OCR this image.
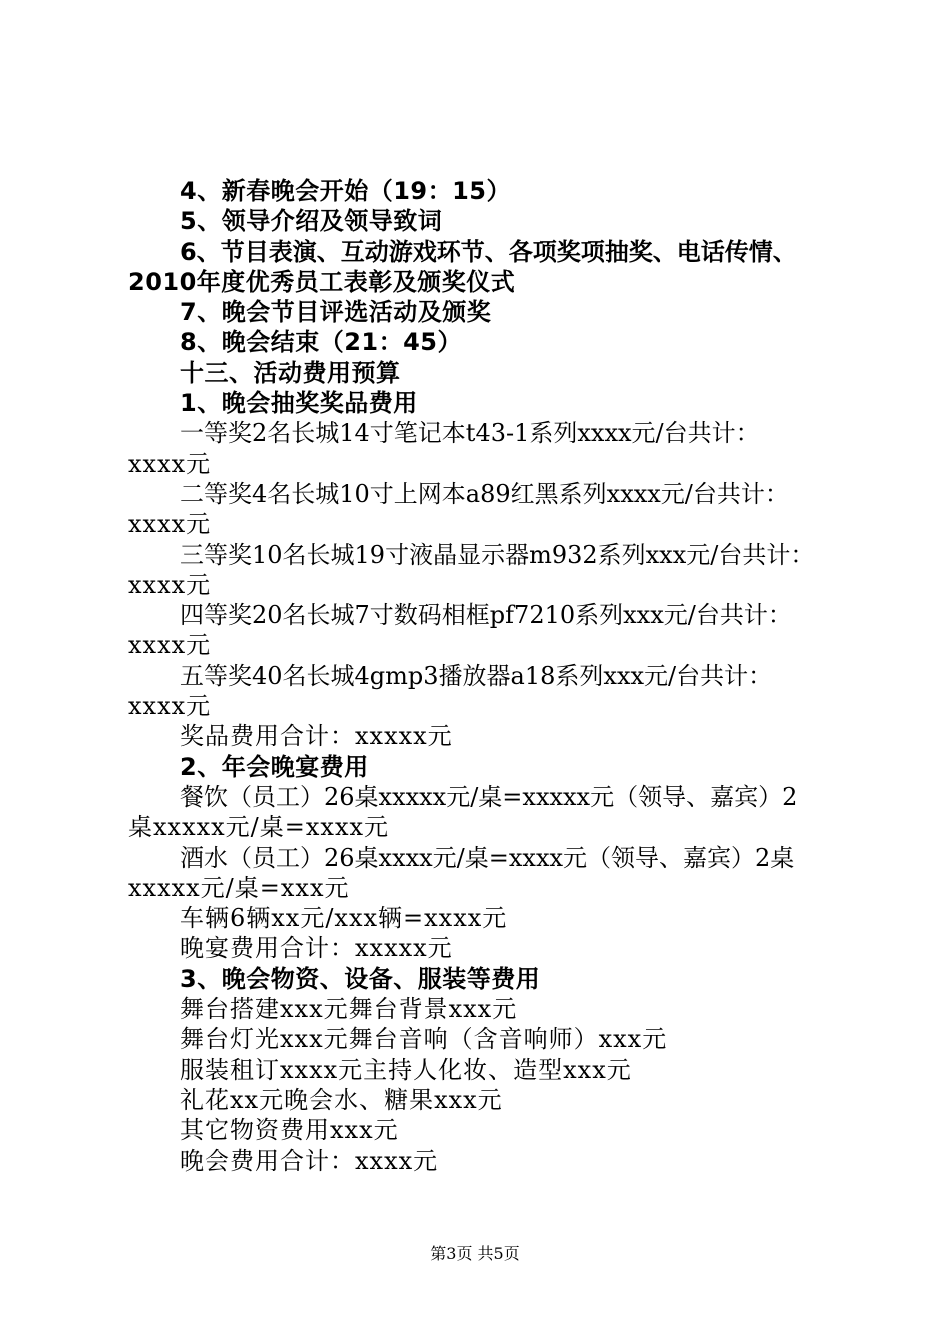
4、新春晚会开始（19：15）
5、领导介绍及领导致词
6、节目表演、互动游戏环节、各项奖项抽奖、电话传情、
2010年度优秀员工表彰及颁奖仪式
7、晚会节目评选活动及颁奖
8、晚会结束（21：45）
十三、活动费用预算
1、晚会抽奖奖品费用
一等奖2名长城14寸笔记本t43-1系列xxxx元/台共计：
xxxx元
二等奖4名长城10寸上网本a89红黑系列xxxx元/台共计：
xxxx元
三等奖10名长城19寸液晶显示器m932系列xxx元/台共计：
xxxx元
四等奖20名长城7寸数码相框pf7210系列xxx元/台共计：
xxxx元
五等奖40名长城4gmp3播放器a18系列xxx元/台共计：
xxxx元
奖品费用合计：xxxxx元
2、年会晚宴费用
餐饮（员工）26桌xxxxx元/桌=xxxxx元（领导、嘉宾）2
桌xxxxx元/桌=xxxx元
酒水（员工）26桌xxxx元/桌=xxxx元（领导、嘉宾）2桌
xxxxx元/桌=xxx元
车辆6辆xx元/xxx辆=xxxx元
晚宴费用合计：xxxxx元
3、晚会物资、设备、服装等费用
舞台搭建xxx元舞台背景xxx元
舞台灯光xxx元舞台音响（含音响师）xxx元
服装租订xxxx元主持人化妆、造型xxx元
礼花xx元晚会水、糖果xxx元
其它物资费用xxx元
晚会费用合计：xxxx元
第3页 共5页
